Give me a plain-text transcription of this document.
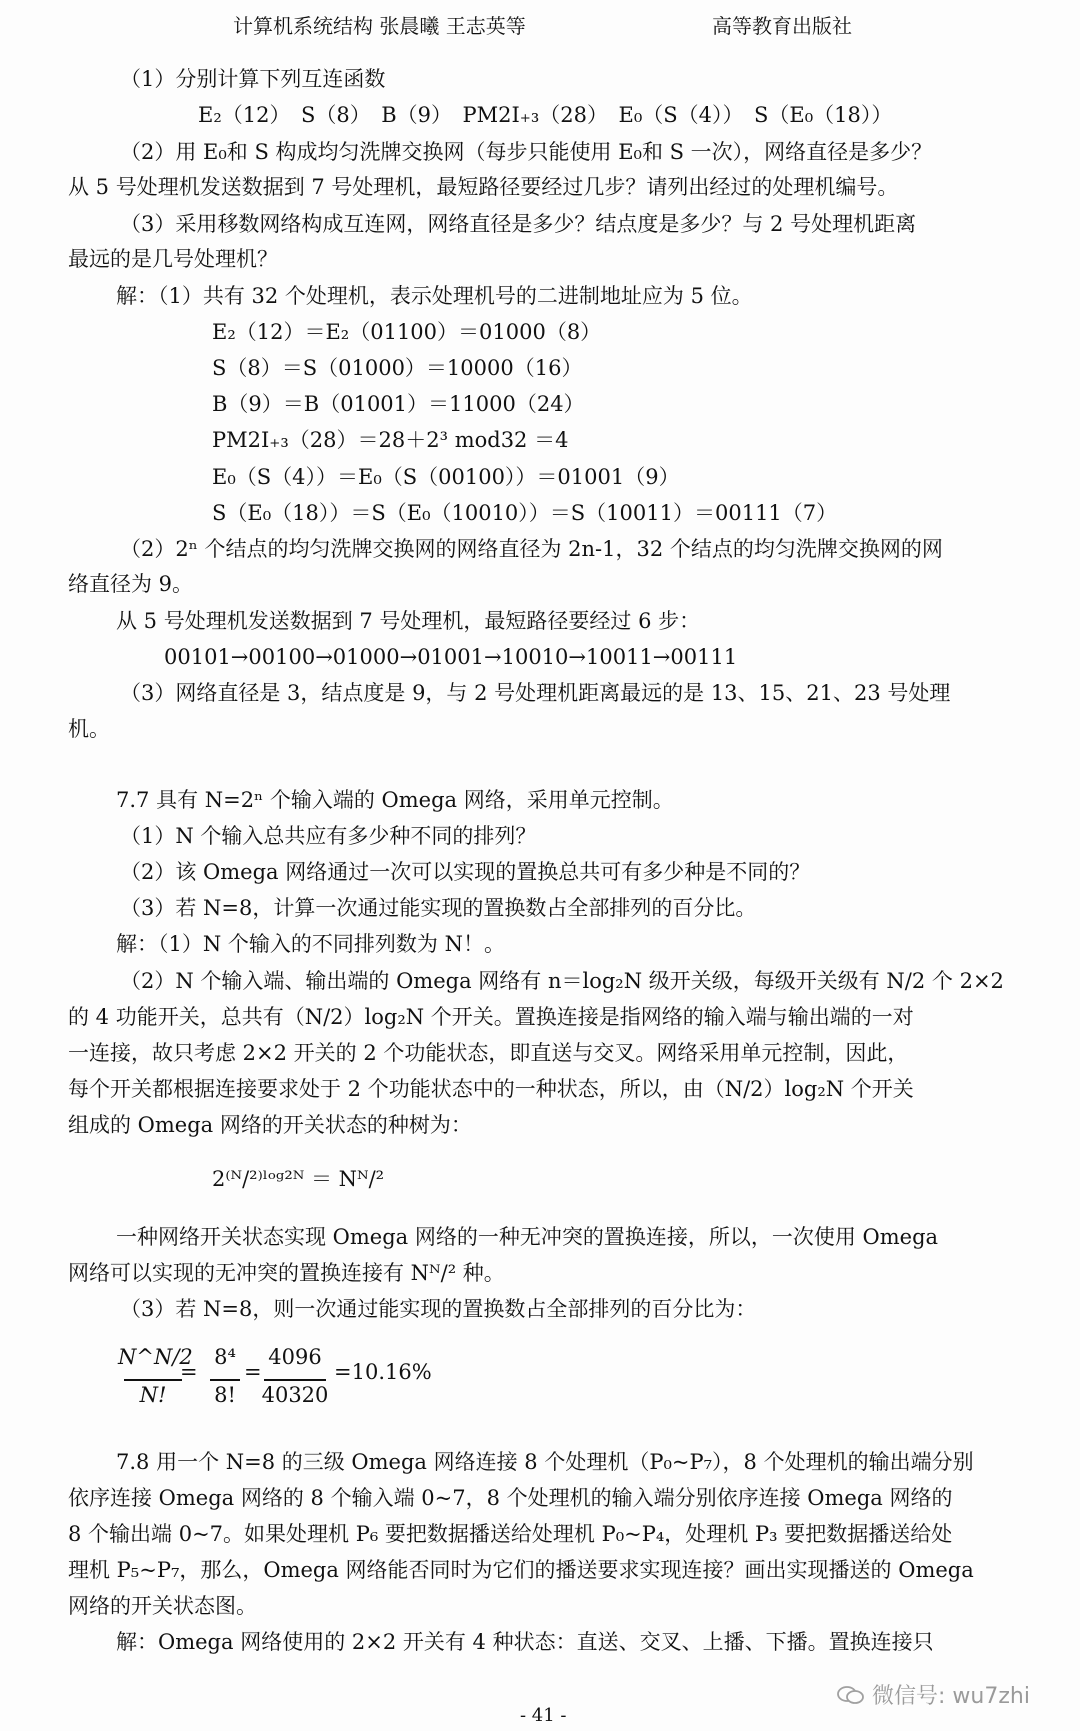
计算机系统结构 张晨曦 王志英等	高等教育出版社
（1）分别计算下列互连函数
E₂（12）　S（8）　B（9）　PM2I₊₃（28）　E₀（S（4））　S（E₀（18））
（2）用 E₀和 S 构成均匀洗牌交换网（每步只能使用 E₀和 S 一次），网络直径是多少？
从 5 号处理机发送数据到 7 号处理机，最短路径要经过几步？请列出经过的处理机编号。
（3）采用移数网络构成互连网，网络直径是多少？结点度是多少？与 2 号处理机距离
最远的是几号处理机？
解：（1）共有 32 个处理机，表示处理机号的二进制地址应为 5 位。
E₂（12）＝E₂（01100）＝01000（8）
S（8）＝S（01000）＝10000（16）
B（9）＝B（01001）＝11000（24）
PM2I₊₃（28）＝28＋2³ mod32 ＝4
E₀（S（4））＝E₀（S（00100））＝01001（9）
S（E₀（18））＝S（E₀（10010））＝S（10011）＝00111（7）
（2）2ⁿ 个结点的均匀洗牌交换网的网络直径为 2n-1，32 个结点的均匀洗牌交换网的网
络直径为 9。
从 5 号处理机发送数据到 7 号处理机，最短路径要经过 6 步：
00101→00100→01000→01001→10010→10011→00111
（3）网络直径是 3，结点度是 9，与 2 号处理机距离最远的是 13、15、21、23 号处理
机。
7.7 具有 N=2ⁿ 个输入端的 Omega 网络，采用单元控制。
（1）N 个输入总共应有多少种不同的排列？
（2）该 Omega 网络通过一次可以实现的置换总共可有多少种是不同的？
（3）若 N=8，计算一次通过能实现的置换数占全部排列的百分比。
解：（1）N 个输入的不同排列数为 N！。
（2）N 个输入端、输出端的 Omega 网络有 n＝log₂N 级开关级，每级开关级有 N/2 个 2×2
的 4 功能开关，总共有（N/2）log₂N 个开关。置换连接是指网络的输入端与输出端的一对
一连接，故只考虑 2×2 开关的 2 个功能状态，即直送与交叉。网络采用单元控制，因此，
每个开关都根据连接要求处于 2 个功能状态中的一种状态，所以，由（N/2）log₂N 个开关
组成的 Omega 网络的开关状态的种树为：
2⁽ᴺ/²⁾ˡᵒᵍ²ᴺ ＝ Nᴺ/²
一种网络开关状态实现 Omega 网络的一种无冲突的置换连接，所以，一次使用 Omega
网络可以实现的无冲突的置换连接有 Nᴺ/² 种。
（3）若 N=8，则一次通过能实现的置换数占全部排列的百分比为：
7.8 用一个 N=8 的三级 Omega 网络连接 8 个处理机（P₀~P₇），8 个处理机的输出端分别
依序连接 Omega 网络的 8 个输入端 0~7，8 个处理机的输入端分别依序连接 Omega 网络的
8 个输出端 0~7。如果处理机 P₆ 要把数据播送给处理机 P₀~P₄，处理机 P₃ 要把数据播送给处
理机 P₅~P₇，那么，Omega 网络能否同时为它们的播送要求实现连接？画出实现播送的 Omega
网络的开关状态图。
解：Omega 网络使用的 2×2 开关有 4 种状态：直送、交叉、上播、下播。置换连接只
N^N/2
N!
=
8⁴
8!
=
4096
40320
=10.16%
- 41 -
微信号: wu7zhi
